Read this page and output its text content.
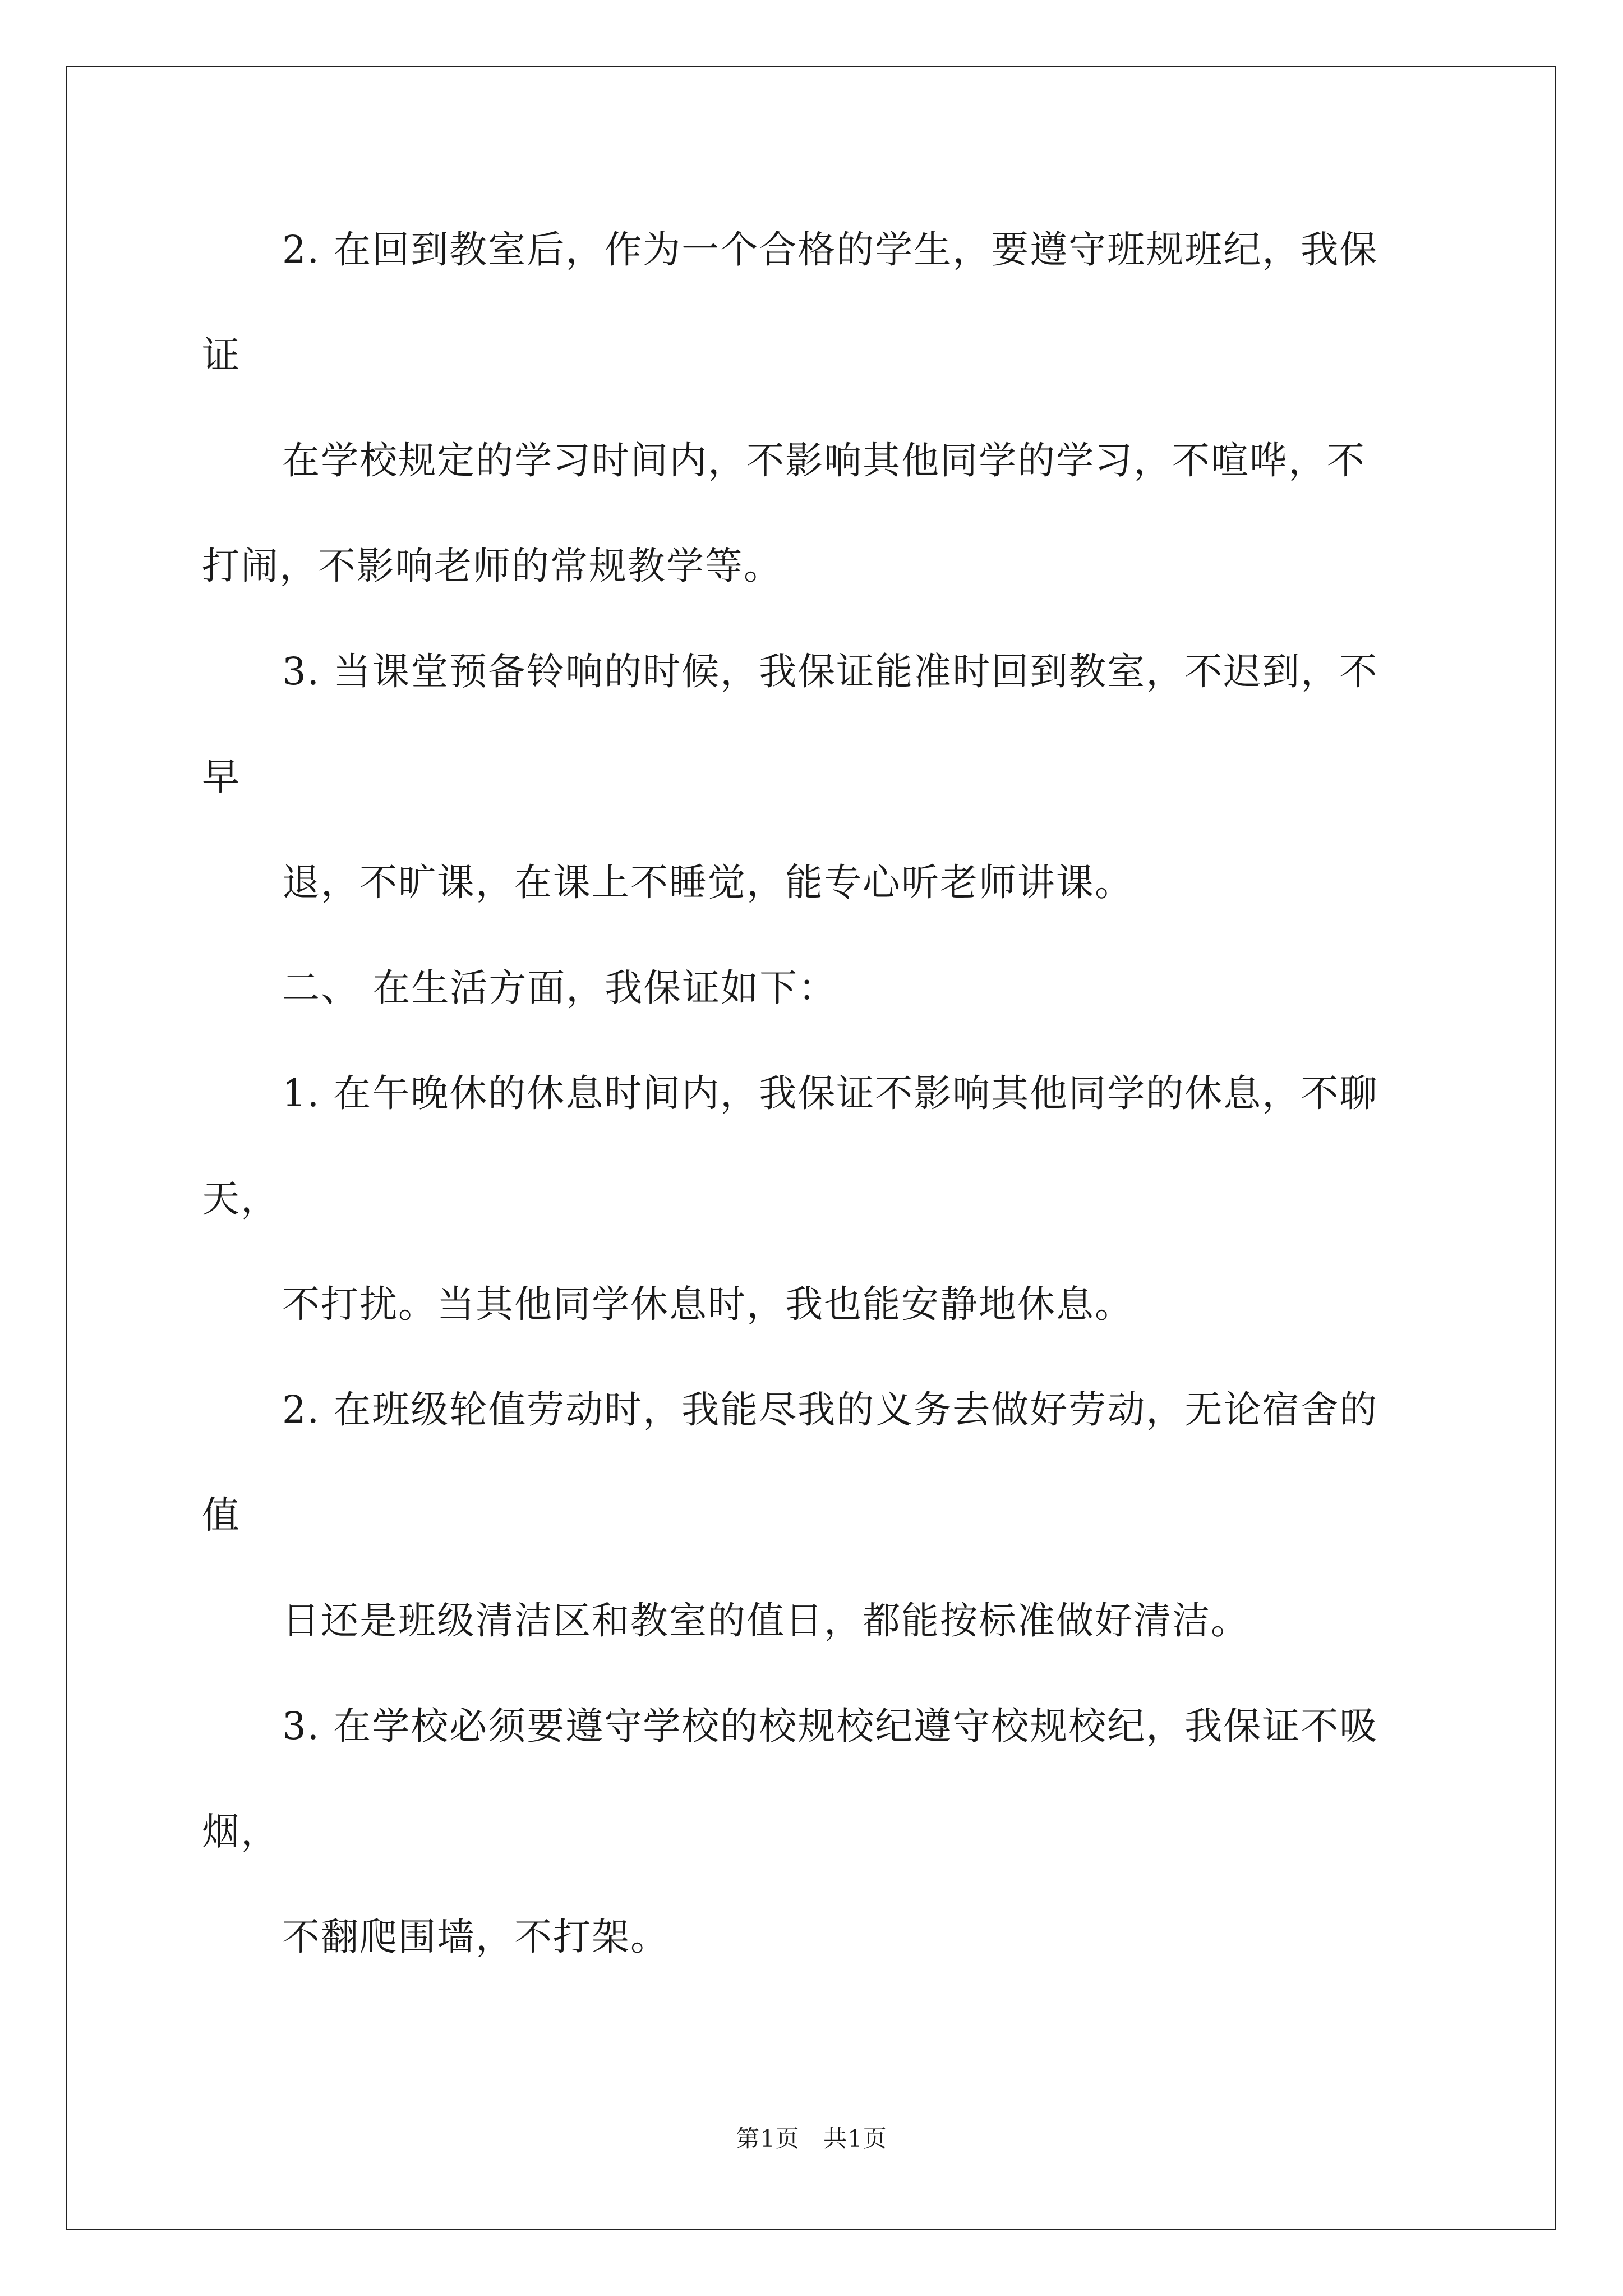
2. 在回到教室后，作为一个合格的学生，要遵守班规班纪，我保
证
在学校规定的学习时间内，不影响其他同学的学习，不喧哗，不
打闹，不影响老师的常规教学等。
3. 当课堂预备铃响的时候，我保证能准时回到教室，不迟到，不
早
退，不旷课，在课上不睡觉，能专心听老师讲课。
二、 在生活方面，我保证如下：
1. 在午晚休的休息时间内，我保证不影响其他同学的休息，不聊
天，
不打扰。当其他同学休息时，我也能安静地休息。
2. 在班级轮值劳动时，我能尽我的义务去做好劳动，无论宿舍的
值
日还是班级清洁区和教室的值日，都能按标准做好清洁。
3. 在学校必须要遵守学校的校规校纪遵守校规校纪，我保证不吸
烟，
不翻爬围墙，不打架。
第1页 共1页
